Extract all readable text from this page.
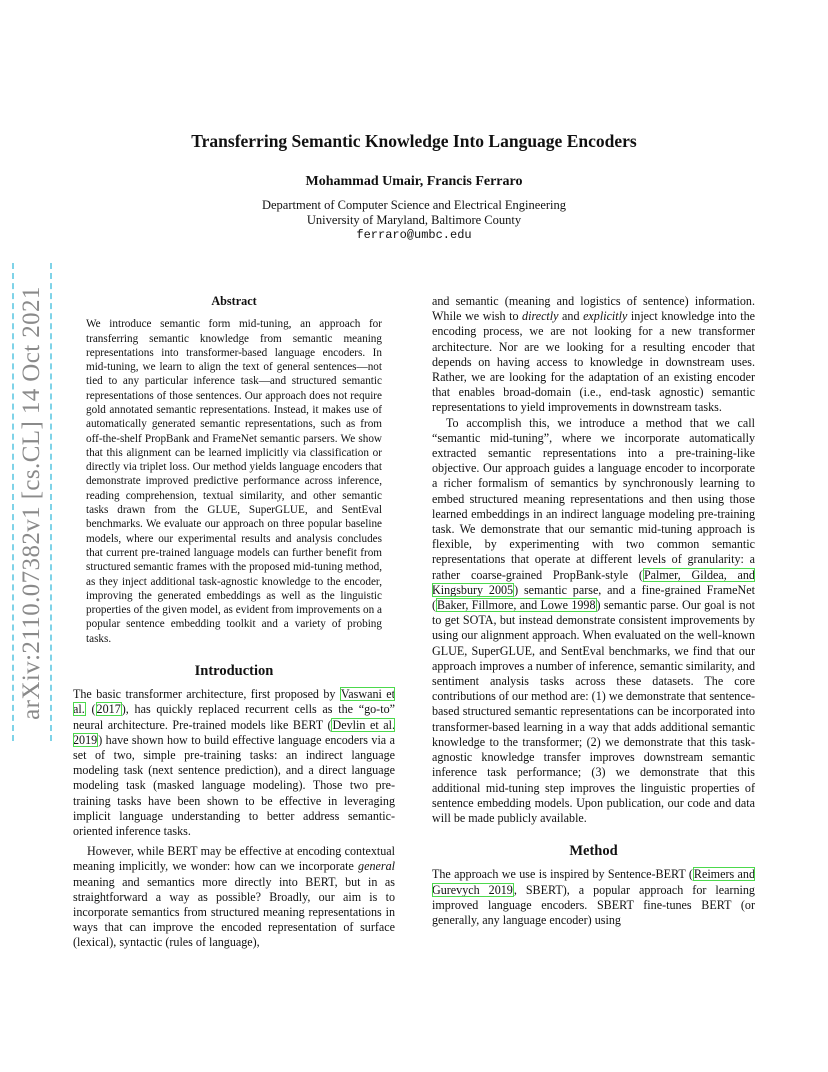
Transferring Semantic Knowledge Into Language Encoders
Mohammad Umair, Francis Ferraro
Department of Computer Science and Electrical Engineering
University of Maryland, Baltimore County
ferraro@umbc.edu
arXiv:2110.07382v1 [cs.CL] 14 Oct 2021	Abstract

We introduce semantic form mid-tuning, an approach for transferring semantic knowledge from semantic meaning representations into transformer-based language encoders. In mid-tuning, we learn to align the text of general sentences—not tied to any particular inference task—and structured semantic representations of those sentences. Our approach does not require gold annotated semantic representations. Instead, it makes use of automatically generated semantic representations, such as from off-the-shelf PropBank and FrameNet semantic parsers. We show that this alignment can be learned implicitly via classification or directly via triplet loss. Our method yields language encoders that demonstrate improved predictive performance across inference, reading comprehension, textual similarity, and other semantic tasks drawn from the GLUE, SuperGLUE, and SentEval benchmarks. We evaluate our approach on three popular baseline models, where our experimental results and analysis concludes that current pre-trained language models can further benefit from structured semantic frames with the proposed mid-tuning method, as they inject additional task-agnostic knowledge to the encoder, improving the generated embeddings as well as the linguistic properties of the given model, as evident from improvements on a popular sentence embedding toolkit and a variety of probing tasks.

Introduction

The basic transformer architecture, first proposed by Vaswani et al. (2017), has quickly replaced recurrent cells as the “go-to” neural architecture. Pre-trained models like BERT (Devlin et al. 2019) have shown how to build effective language encoders via a set of two, simple pre-training tasks: an indirect language modeling task (next sentence prediction), and a direct language modeling task (masked language modeling). Those two pre-training tasks have been shown to be effective in leveraging implicit language understanding to better address semantic-oriented inference tasks.

However, while BERT may be effective at encoding contextual meaning implicitly, we wonder: how can we incorporate general meaning and semantics more directly into BERT, but in as straightforward a way as possible? Broadly, our aim is to incorporate semantics from structured meaning representations in ways that can improve the encoded representation of surface (lexical), syntactic (rules of language),

and semantic (meaning and logistics of sentence) information. While we wish to directly and explicitly inject knowledge into the encoding process, we are not looking for a new transformer architecture. Nor are we looking for a resulting encoder that depends on having access to knowledge in downstream uses. Rather, we are looking for the adaptation of an existing encoder that enables broad-domain (i.e., end-task agnostic) semantic representations to yield improvements in downstream tasks.

To accomplish this, we introduce a method that we call “semantic mid-tuning”, where we incorporate automatically extracted semantic representations into a pre-training-like objective. Our approach guides a language encoder to incorporate a richer formalism of semantics by synchronously learning to embed structured meaning representations and then using those learned embeddings in an indirect language modeling pre-training task. We demonstrate that our semantic mid-tuning approach is flexible, by experimenting with two common semantic representations that operate at different levels of granularity: a rather coarse-grained PropBank-style (Palmer, Gildea, and Kingsbury 2005) semantic parse, and a fine-grained FrameNet (Baker, Fillmore, and Lowe 1998) semantic parse. Our goal is not to get SOTA, but instead demonstrate consistent improvements by using our alignment approach. When evaluated on the well-known GLUE, SuperGLUE, and SentEval benchmarks, we find that our approach improves a number of inference, semantic similarity, and sentiment analysis tasks across these datasets. The core contributions of our method are: (1) we demonstrate that sentence-based structured semantic representations can be incorporated into transformer-based learning in a way that adds additional semantic knowledge to the transformer; (2) we demonstrate that this task-agnostic knowledge transfer improves downstream semantic inference task performance; (3) we demonstrate that this additional mid-tuning step improves the linguistic properties of sentence embedding models. Upon publication, our code and data will be made publicly available.

Method

The approach we use is inspired by Sentence-BERT (Reimers and Gurevych 2019, SBERT), a popular approach for learning improved language encoders. SBERT fine-tunes BERT (or generally, any language encoder) using
